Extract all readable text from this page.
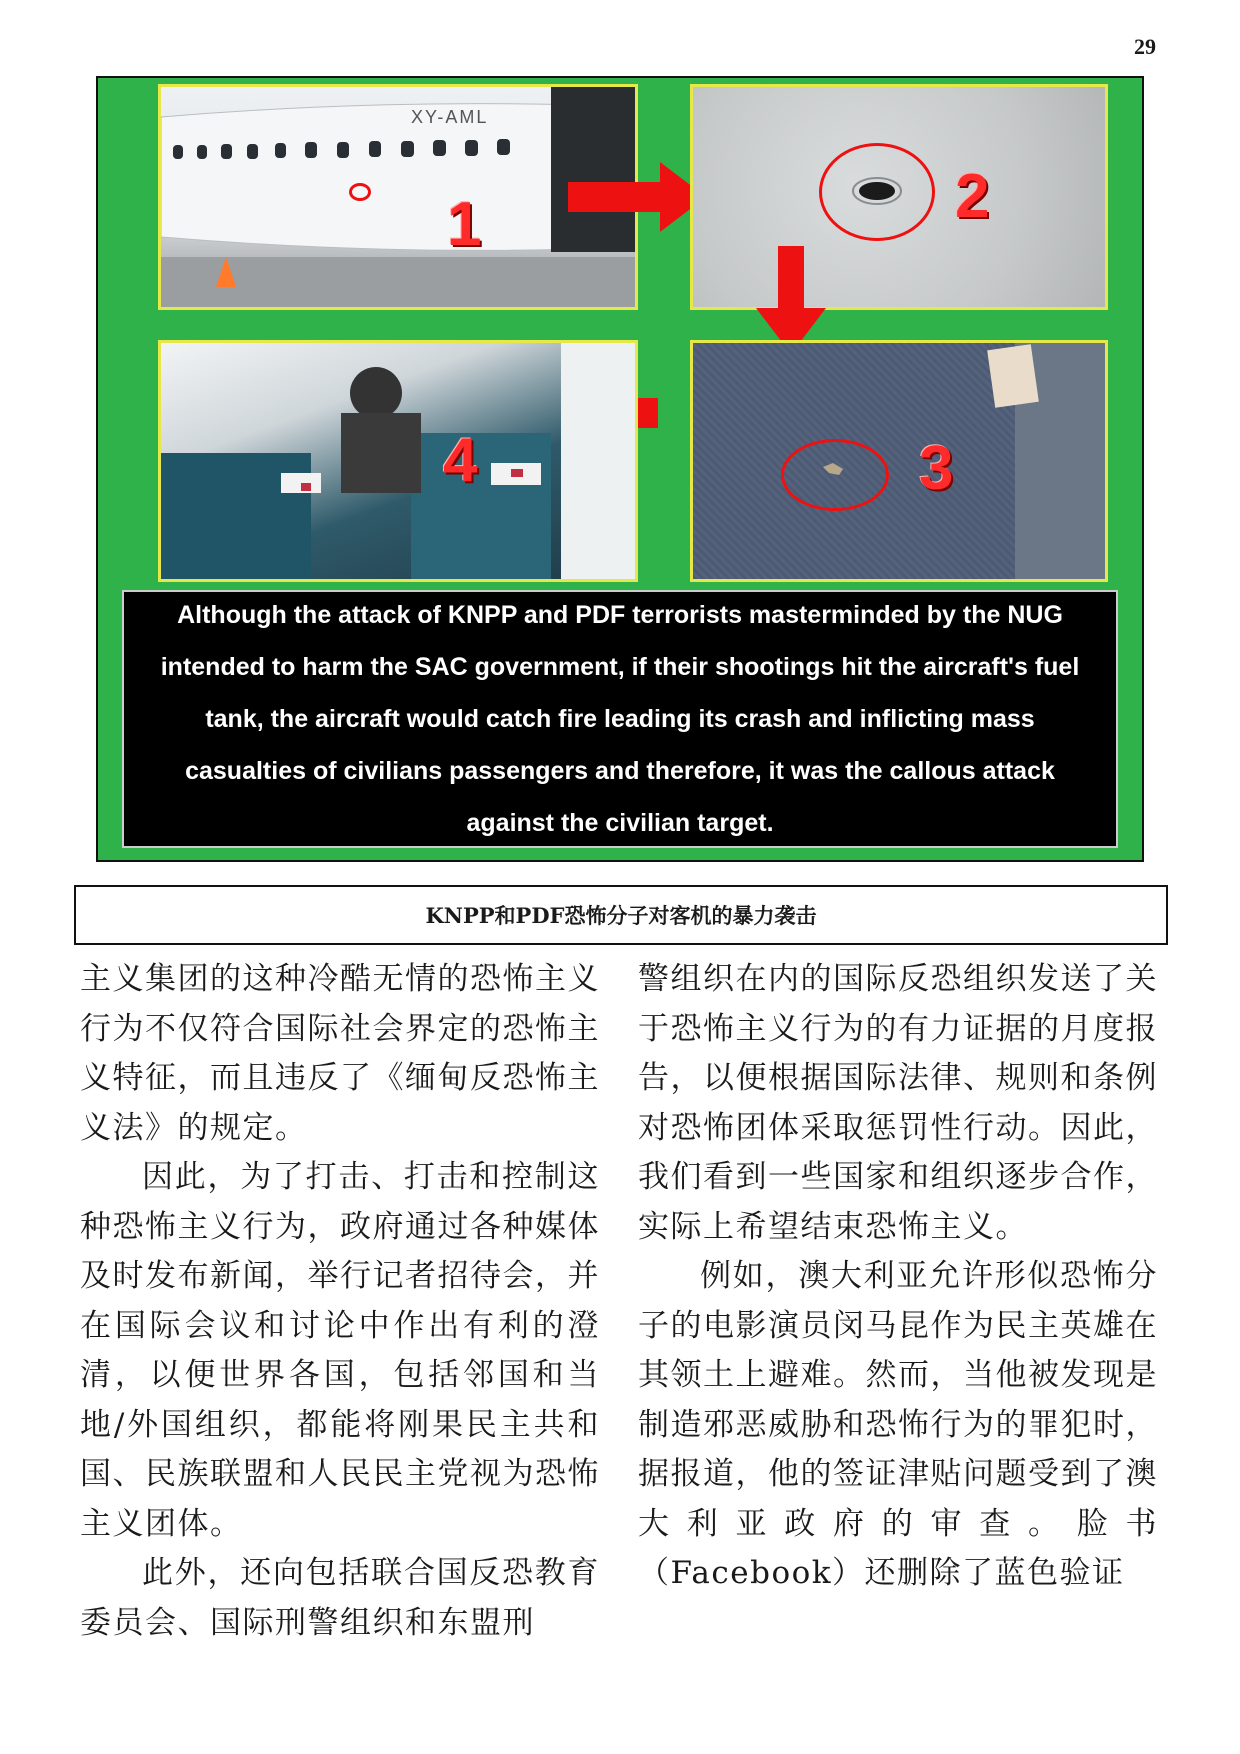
29
XY-AML
1	2
3
4
Although the attack of KNPP and PDF terrorists masterminded by the NUG intended to harm the SAC government, if their shootings hit the aircraft's fuel tank, the aircraft would catch fire leading its crash and inflicting mass casualties of civilians passengers and therefore, it was the callous attack against the civilian target.
KNPP和PDF恐怖分子对客机的暴力袭击

主义集团的这种冷酷无情的恐怖主义行为不仅符合国际社会界定的恐怖主义特征，而且违反了《缅甸反恐怖主义法》的规定。

因此，为了打击、打击和控制这种恐怖主义行为，政府通过各种媒体及时发布新闻，举行记者招待会，并在国际会议和讨论中作出有利的澄清，以便世界各国，包括邻国和当地/外国组织，都能将刚果民主共和国、民族联盟和人民民主党视为恐怖主义团体。

此外，还向包括联合国反恐教育委员会、国际刑警组织和东盟刑

警组织在内的国际反恐组织发送了关于恐怖主义行为的有力证据的月度报告，以便根据国际法律、规则和条例对恐怖团体采取惩罚性行动。因此，我们看到一些国家和组织逐步合作，实际上希望结束恐怖主义。

例如，澳大利亚允许形似恐怖分子的电影演员闵马昆作为民主英雄在其领土上避难。然而，当他被发现是制造邪恶威胁和恐怖行为的罪犯时，据报道，他的签证津贴问题受到了澳大利亚政府的审查。脸书（Facebook）还删除了蓝色验证
